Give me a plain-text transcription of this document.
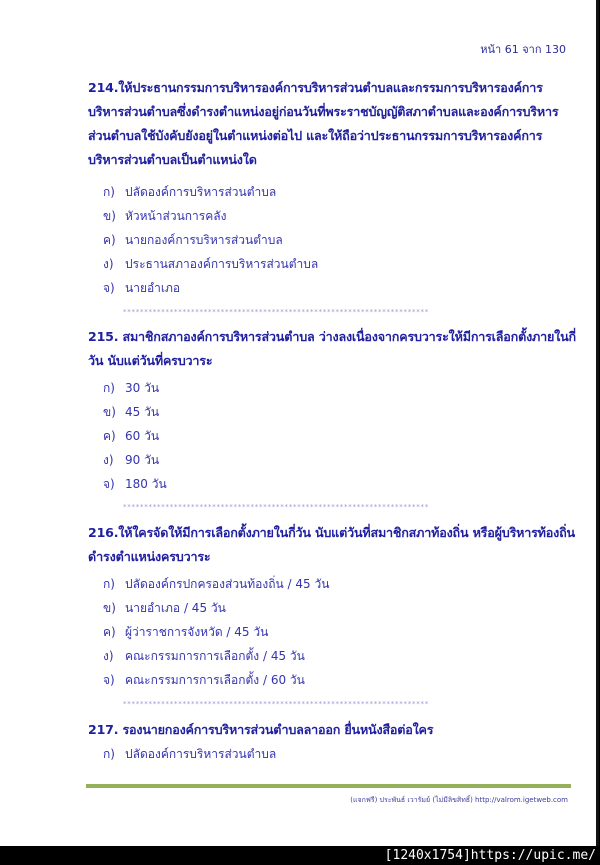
หน้า 61 จาก 130
214.ให้ประธานกรรมการบริหารองค์การบริหารส่วนตำบลและกรรมการบริหารองค์การบริหารส่วนตำบลซึ่งดำรงตำแหน่งอยู่ก่อนวันที่พระราชบัญญัติสภาตำบลและองค์การบริหารส่วนตำบลใช้บังคับยังอยู่ในตำแหน่งต่อไป และให้ถือว่าประธานกรรมการบริหารองค์การบริหารส่วนตำบลเป็นตำแหน่งใด
ก) ปลัดองค์การบริหารส่วนตำบล
ข) หัวหน้าส่วนการคลัง
ค) นายกองค์การบริหารส่วนตำบล
ง) ประธานสภาองค์การบริหารส่วนตำบล
จ) นายอำเภอ
************************************************************************
215. สมาชิกสภาองค์การบริหารส่วนตำบล ว่างลงเนื่องจากครบวาระให้มีการเลือกตั้งภายในกี่วัน นับแต่วันที่ครบวาระ
ก) 30 วัน
ข) 45 วัน
ค) 60 วัน
ง) 90 วัน
จ) 180 วัน
************************************************************************
216.ให้ใครจัดให้มีการเลือกตั้งภายในกี่วัน นับแต่วันที่สมาชิกสภาท้องถิ่น หรือผู้บริหารท้องถิ่นดำรงตำแหน่งครบวาระ
ก) ปลัดองค์กรปกครองส่วนท้องถิ่น / 45 วัน
ข) นายอำเภอ / 45 วัน
ค) ผู้ว่าราชการจังหวัด / 45 วัน
ง) คณะกรรมการการเลือกตั้ง / 45 วัน
จ) คณะกรรมการการเลือกตั้ง / 60 วัน
************************************************************************
217. รองนายกองค์การบริหารส่วนตำบลลาออก ยื่นหนังสือต่อใคร
ก) ปลัดองค์การบริหารส่วนตำบล
(แจกฟรี) ประพันธ์ เวารัมย์ (ไม่มีลิขสิทธิ์) http://valrom.igetweb.com
[1240x1754]https://upic.me/
